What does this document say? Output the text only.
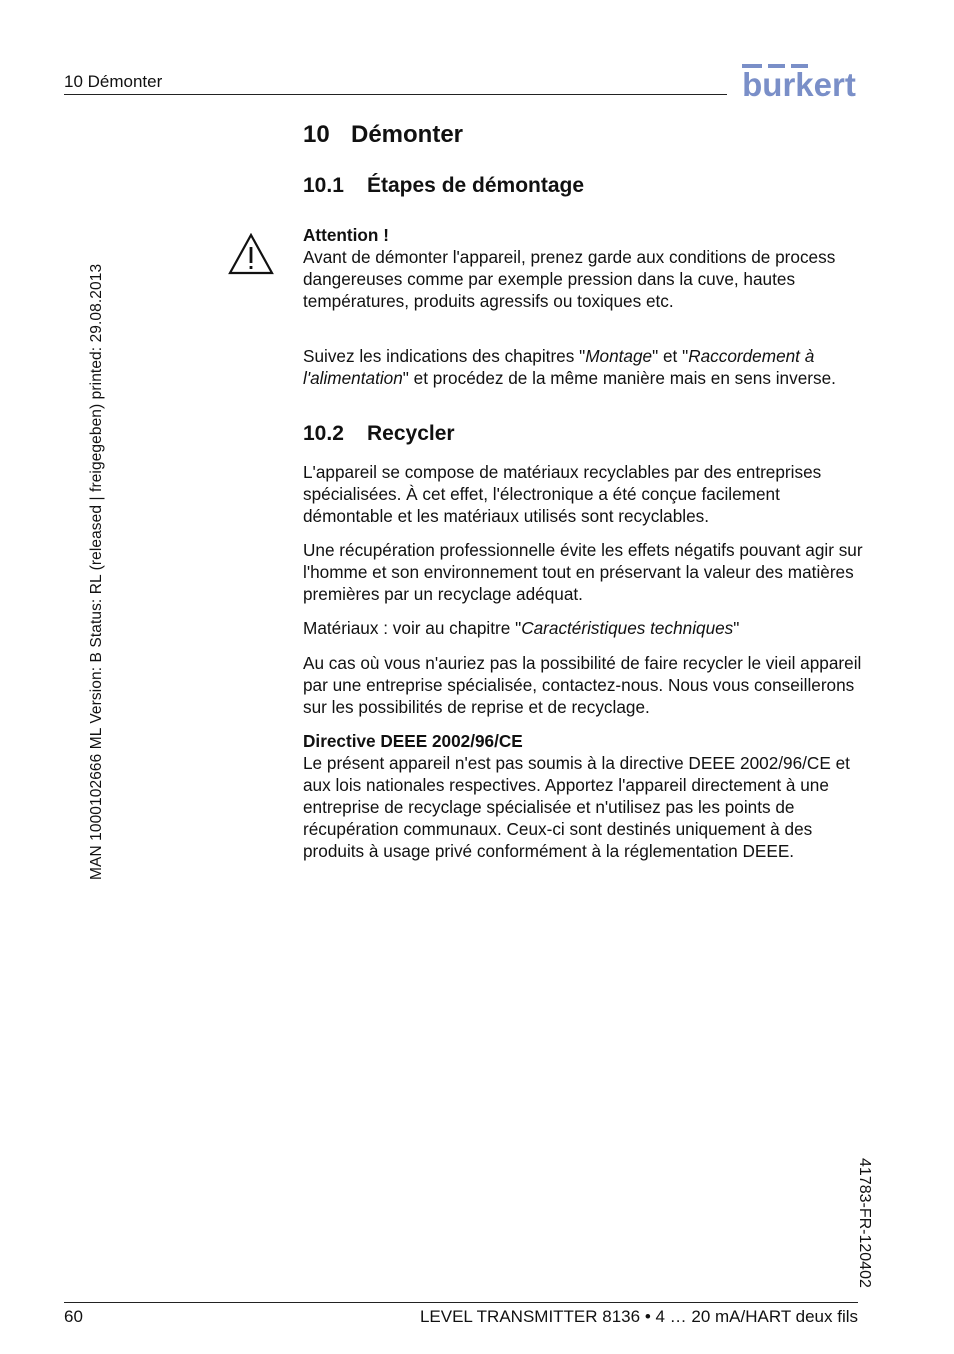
10 Démonter	burkert
MAN 1000102666 ML Version: B Status: RL (released | freigegeben) printed: 29.08.2013
41783-FR-120402
10 Démonter
10.1 Étapes de démontage

Attention !

Avant de démonter l'appareil, prenez garde aux conditions de process dangereuses comme par exemple pression dans la cuve, hautes températures, produits agressifs ou toxiques etc.

Suivez les indications des chapitres "Montage" et "Raccordement à l'alimentation" et procédez de la même manière mais en sens inverse.

10.2 Recycler

L'appareil se compose de matériaux recyclables par des entreprises spécialisées. À cet effet, l'électronique a été conçue facilement démontable et les matériaux utilisés sont recyclables.

Une récupération professionnelle évite les effets négatifs pouvant agir sur l'homme et son environnement tout en préservant la valeur des matières premières par un recyclage adéquat.

Matériaux : voir au chapitre "Caractéristiques techniques"

Au cas où vous n'auriez pas la possibilité de faire recycler le vieil appareil par une entreprise spécialisée, contactez-nous. Nous vous conseillerons sur les possibilités de reprise et de recyclage.

Directive DEEE 2002/96/CE

Le présent appareil n'est pas soumis à la directive DEEE 2002/96/CE et aux lois nationales respectives. Apportez l'appareil directement à une entreprise de recyclage spécialisée et n'utilisez pas les points de récupération communaux. Ceux-ci sont destinés uniquement à des produits à usage privé conformément à la réglementation DEEE.

60	LEVEL TRANSMITTER 8136 • 4 … 20 mA/HART deux fils
